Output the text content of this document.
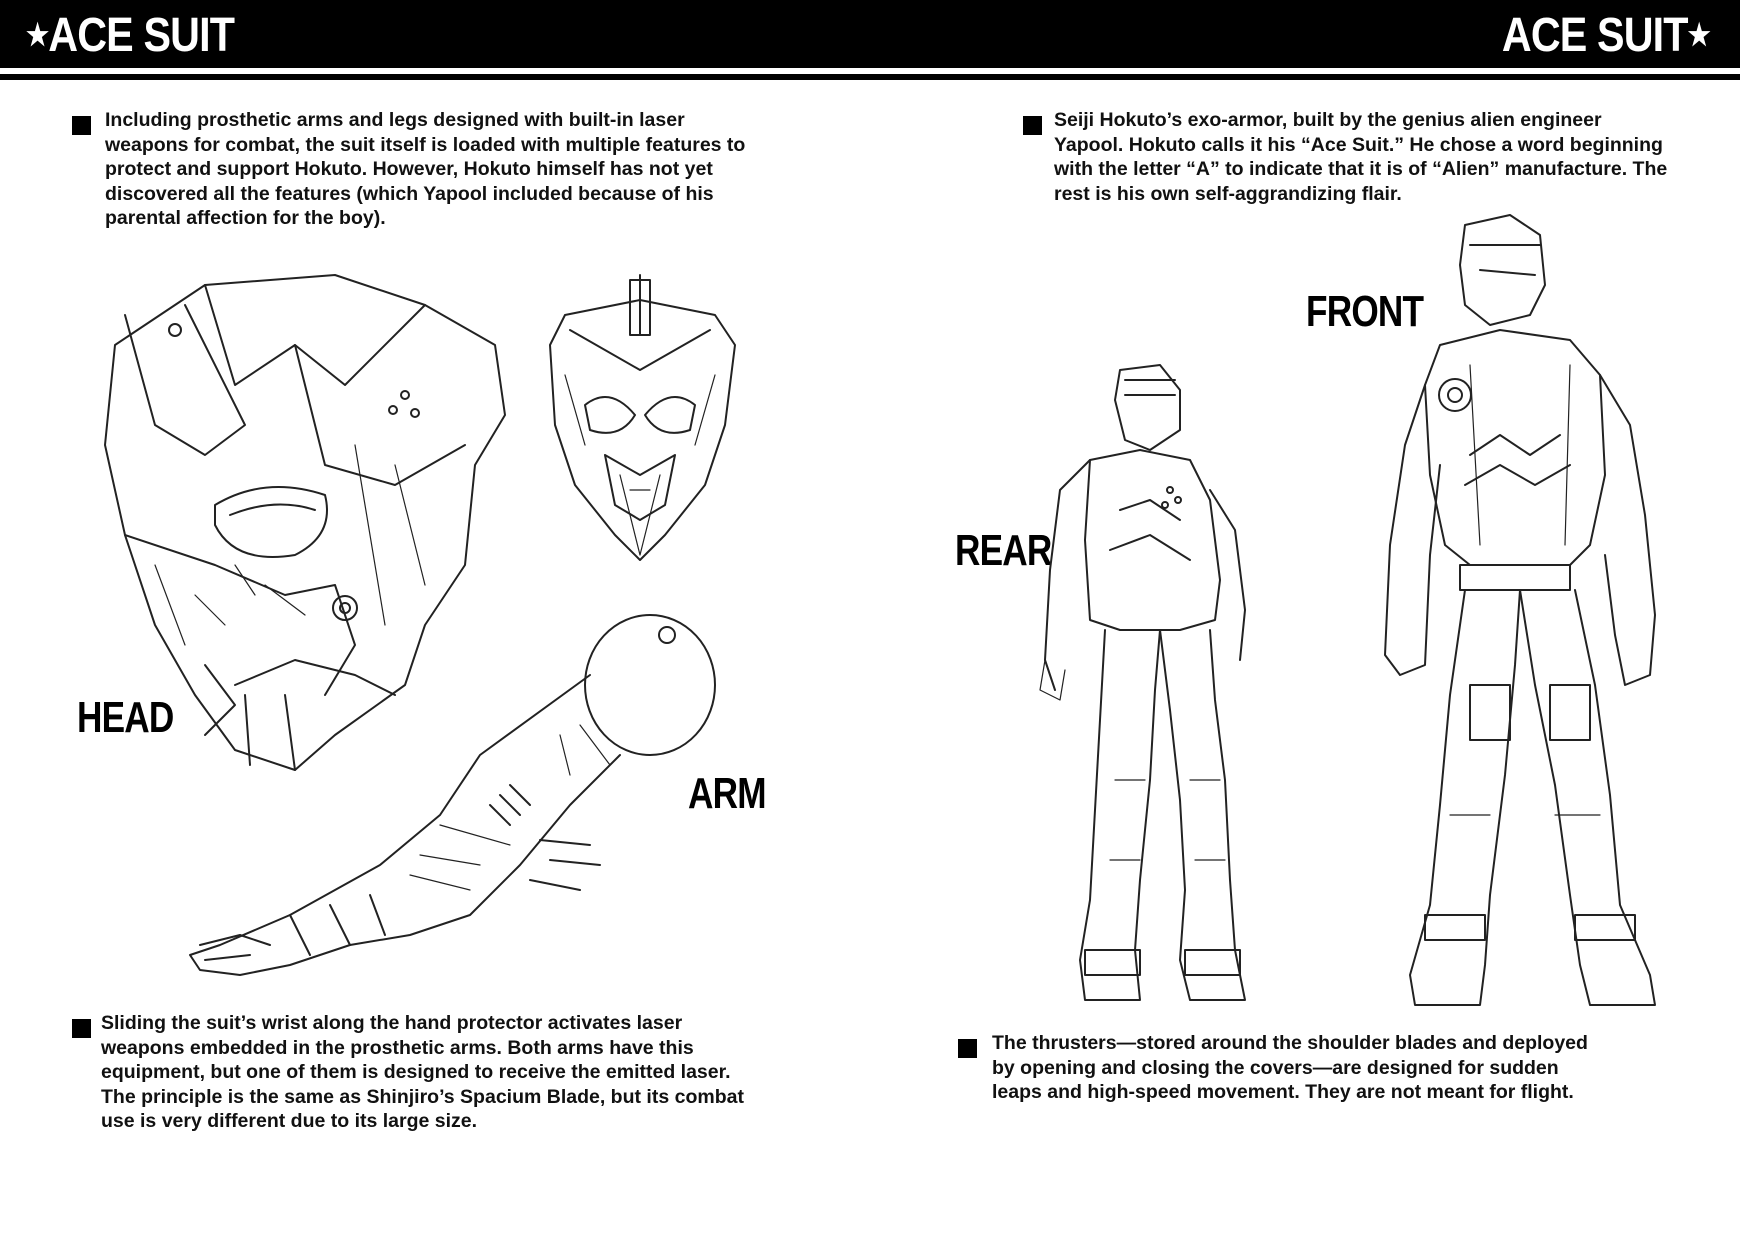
★ACE SUIT	ACE SUIT★
Including prosthetic arms and legs designed with built-in laser weapons for combat, the suit itself is loaded with multiple features to protect and support Hokuto. However, Hokuto himself has not yet discovered all the features (which Yapool included because of his parental affection for the boy).
Sliding the suit’s wrist along the hand protector activates laser weapons embedded in the prosthetic arms. Both arms have this equipment, but one of them is designed to receive the emitted laser. The principle is the same as Shinjiro’s Spacium Blade, but its combat use is very different due to its large size.
Seiji Hokuto’s exo-armor, built by the genius alien engineer Yapool. Hokuto calls it his “Ace Suit.” He chose a word beginning with the letter “A” to indicate that it is of “Alien” manufacture. The rest is his own self-aggrandizing flair.
The thrusters—stored around the shoulder blades and deployed by opening and closing the covers—are designed for sudden leaps and high-speed movement. They are not meant for flight.
HEAD
ARM
FRONT
REAR
